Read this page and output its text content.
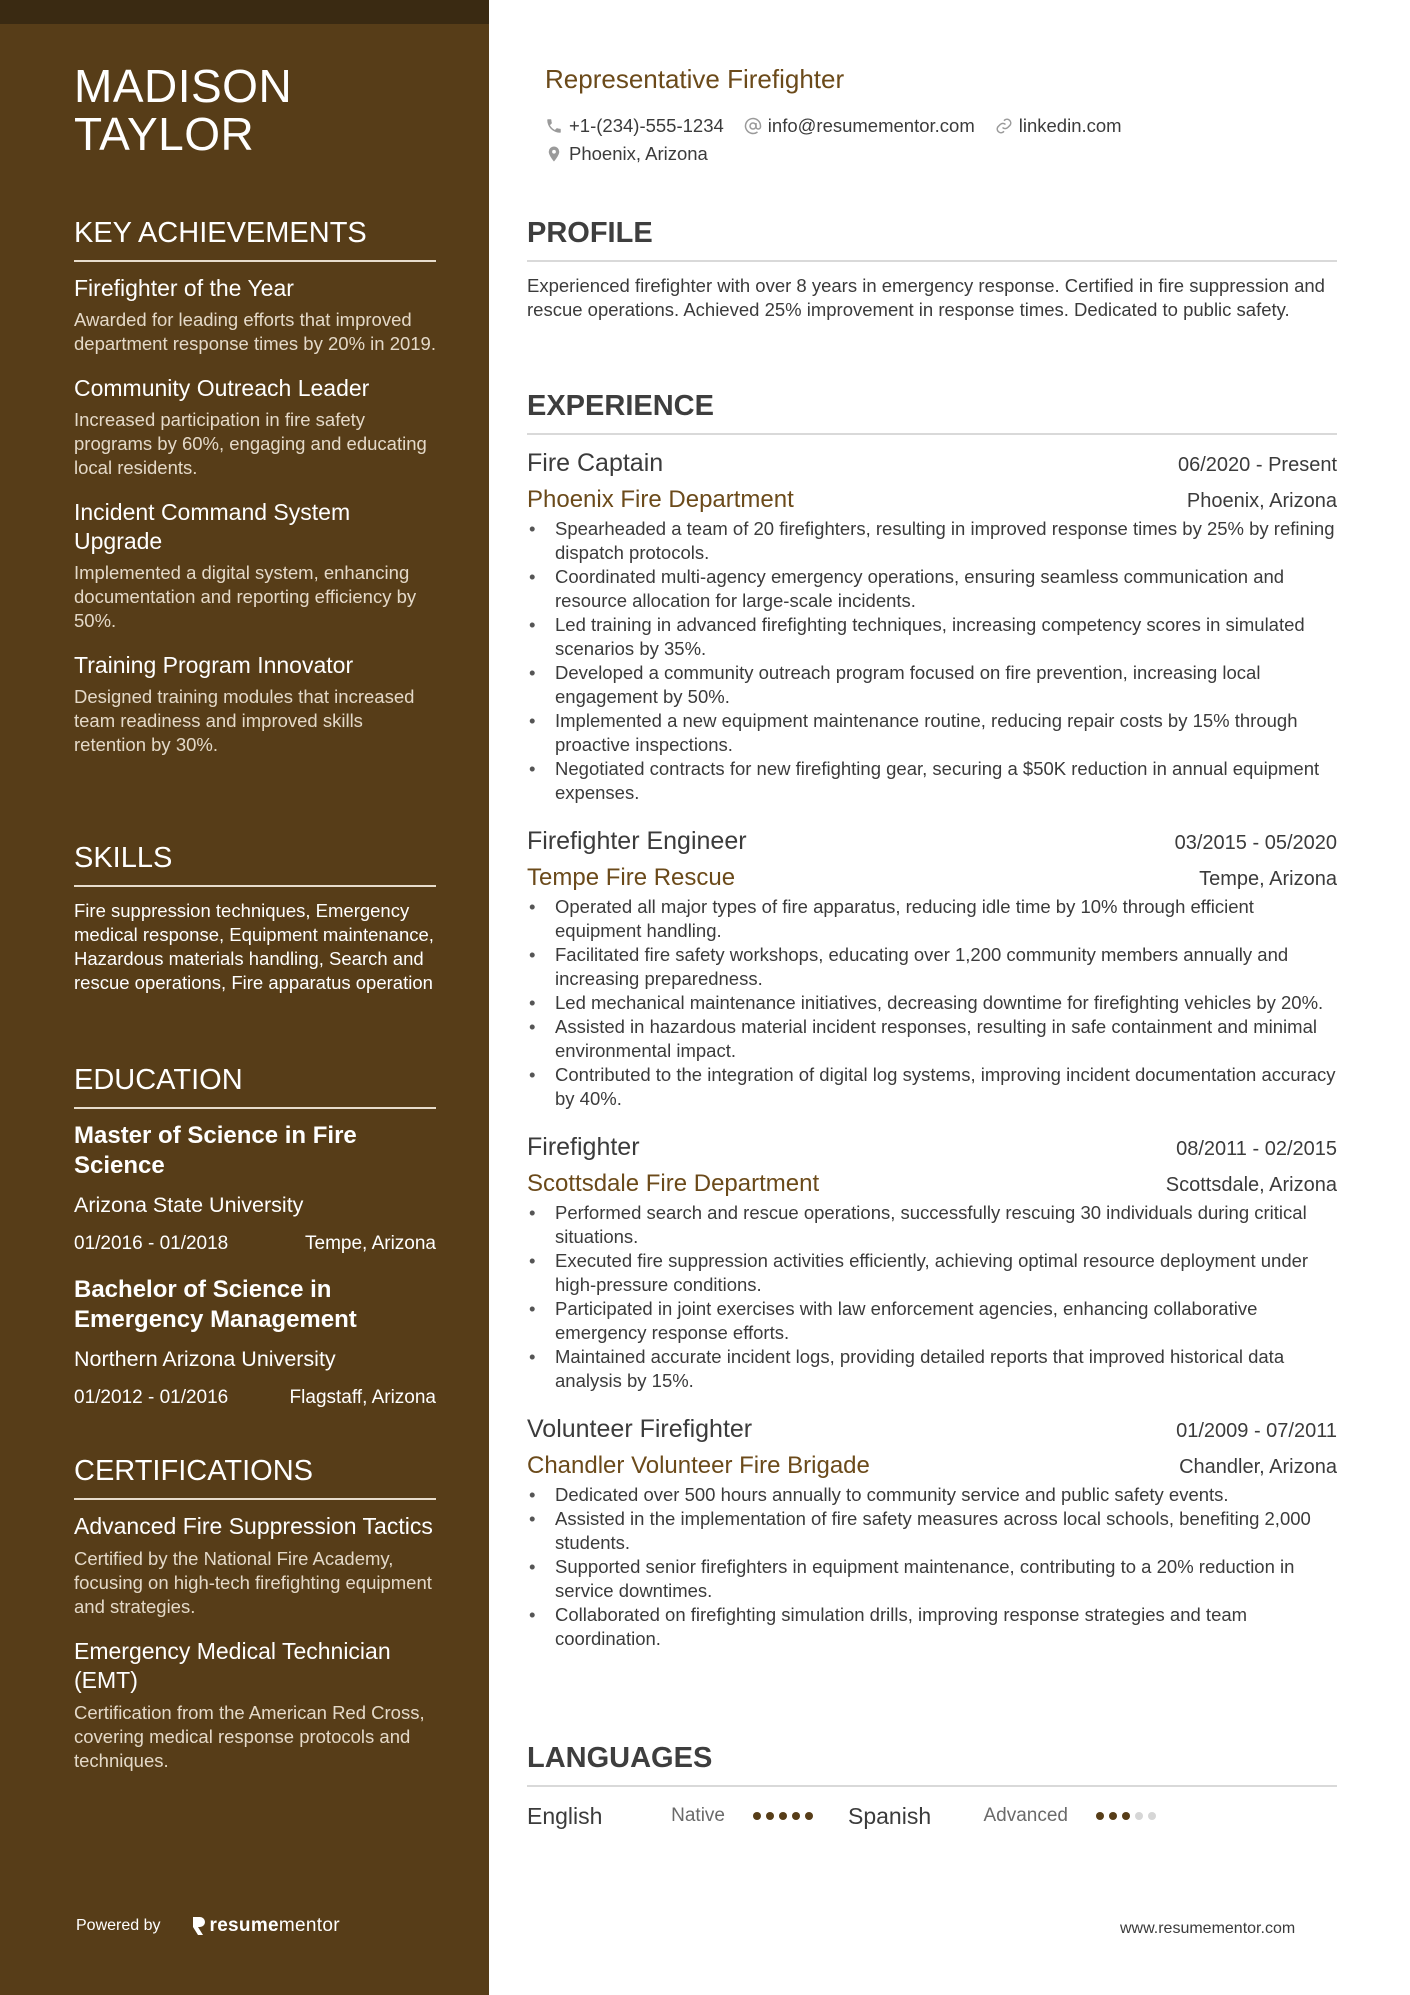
MADISON
TAYLOR
KEY ACHIEVEMENTS
Firefighter of the Year
Awarded for leading efforts that improved department response times by 20% in 2019.
Community Outreach Leader
Increased participation in fire safety programs by 60%, engaging and educating local residents.
Incident Command System Upgrade
Implemented a digital system, enhancing documentation and reporting efficiency by 50%.
Training Program Innovator
Designed training modules that increased team readiness and improved skills retention by 30%.
SKILLS

Fire suppression techniques, Emergency medical response, Equipment maintenance, Hazardous materials handling, Search and rescue operations, Fire apparatus operation

EDUCATION
Master of Science in Fire Science
Arizona State University
01/2016 - 01/2018	Tempe, Arizona
Bachelor of Science in Emergency Management
Northern Arizona University
01/2012 - 01/2016	Flagstaff, Arizona
CERTIFICATIONS
Advanced Fire Suppression Tactics
Certified by the National Fire Academy, focusing on high-tech firefighting equipment and strategies.
Emergency Medical Technician (EMT)
Certification from the American Red Cross, covering medical response protocols and techniques.
Powered by	resume mentor
Representative Firefighter
+1-(234)-555-1234 info@resumementor.com linkedin.com
Phoenix, Arizona
PROFILE

Experienced firefighter with over 8 years in emergency response. Certified in fire suppression and rescue operations. Achieved 25% improvement in response times. Dedicated to public safety.

EXPERIENCE
Fire Captain	06/2020 - Present
Phoenix Fire Department	Phoenix, Arizona
• Spearheaded a team of 20 firefighters, resulting in improved response times by 25% by refining dispatch protocols.
• Coordinated multi-agency emergency operations, ensuring seamless communication and resource allocation for large-scale incidents.
• Led training in advanced firefighting techniques, increasing competency scores in simulated scenarios by 35%.
• Developed a community outreach program focused on fire prevention, increasing local engagement by 50%.
• Implemented a new equipment maintenance routine, reducing repair costs by 15% through proactive inspections.
• Negotiated contracts for new firefighting gear, securing a $50K reduction in annual equipment expenses.
Firefighter Engineer	03/2015 - 05/2020
Tempe Fire Rescue	Tempe, Arizona
• Operated all major types of fire apparatus, reducing idle time by 10% through efficient equipment handling.
• Facilitated fire safety workshops, educating over 1,200 community members annually and increasing preparedness.
• Led mechanical maintenance initiatives, decreasing downtime for firefighting vehicles by 20%.
• Assisted in hazardous material incident responses, resulting in safe containment and minimal environmental impact.
• Contributed to the integration of digital log systems, improving incident documentation accuracy by 40%.
Firefighter	08/2011 - 02/2015
Scottsdale Fire Department	Scottsdale, Arizona
• Performed search and rescue operations, successfully rescuing 30 individuals during critical situations.
• Executed fire suppression activities efficiently, achieving optimal resource deployment under high-pressure conditions.
• Participated in joint exercises with law enforcement agencies, enhancing collaborative emergency response efforts.
• Maintained accurate incident logs, providing detailed reports that improved historical data analysis by 15%.
Volunteer Firefighter	01/2009 - 07/2011
Chandler Volunteer Fire Brigade	Chandler, Arizona
• Dedicated over 500 hours annually to community service and public safety events.
• Assisted in the implementation of fire safety measures across local schools, benefiting 2,000 students.
• Supported senior firefighters in equipment maintenance, contributing to a 20% reduction in service downtimes.
• Collaborated on firefighting simulation drills, improving response strategies and team coordination.
LANGUAGES
English	Native	Spanish	Advanced
www.resumementor.com
